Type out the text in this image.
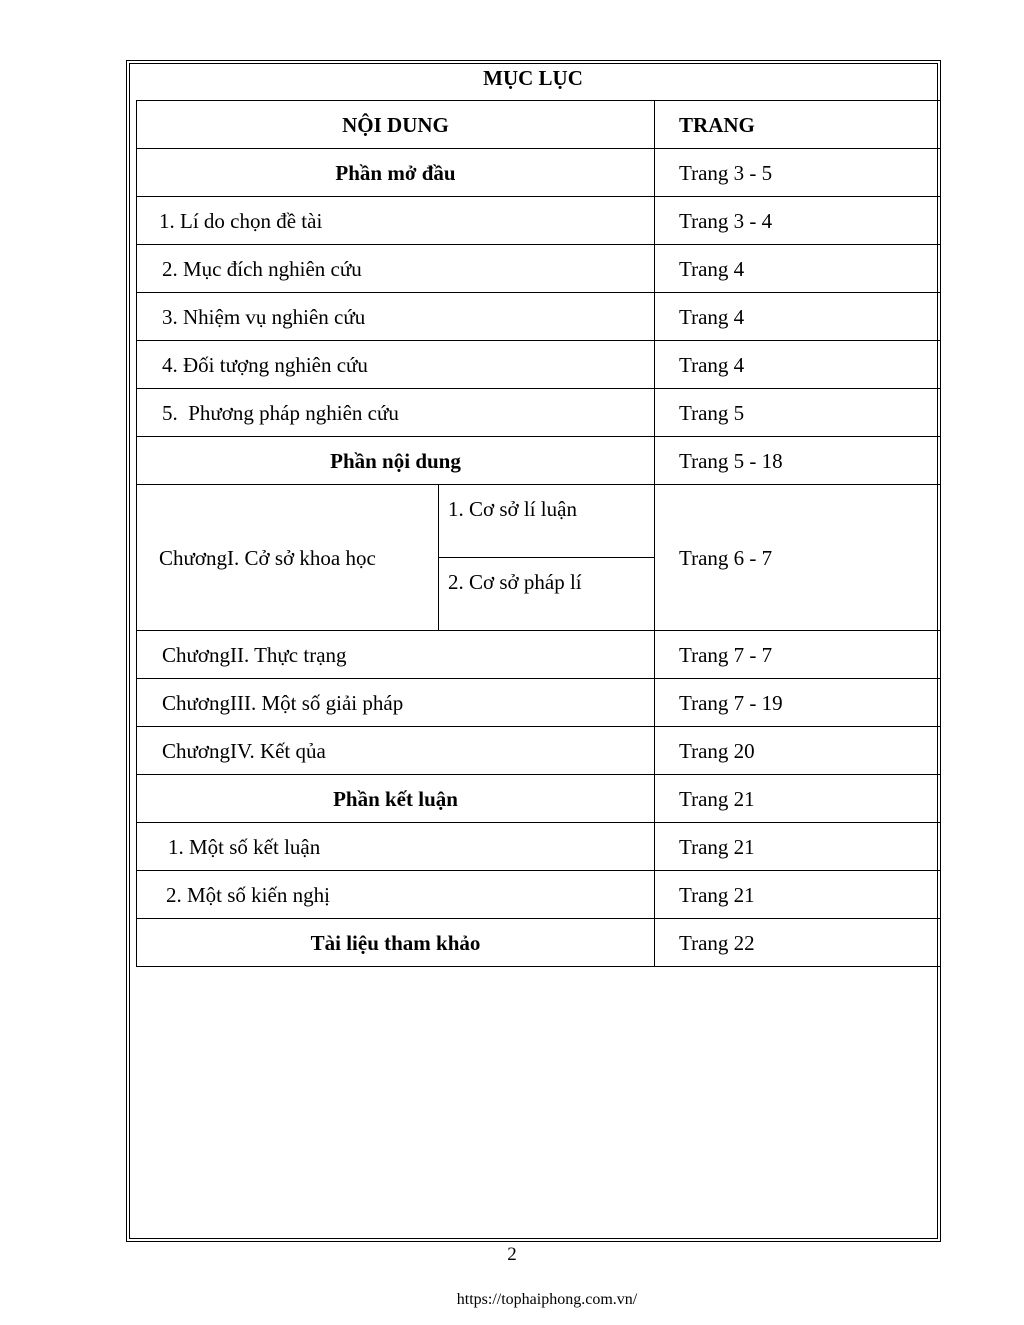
MỤC LỤC
NỘI DUNG		TRANG
Phần mở đầu		Trang 3 - 5
1. Lí do chọn đề tài		Trang 3 - 4
2. Mục đích nghiên cứu		Trang 4
3. Nhiệm vụ nghiên cứu		Trang 4
4. Đối tượng nghiên cứu		Trang 4
5.  Phương pháp nghiên cứu		Trang 5
Phần nội dung		Trang 5 - 18
ChươngI. Cở sở khoa học	1. Cơ sở lí luận	Trang 6 - 7

	2. Cơ sở pháp lí	

ChươngII. Thực trạng		Trang 7 - 7
ChươngIII. Một số giải pháp		Trang 7 - 19
ChươngIV. Kết qủa		Trang 20
Phần kết luận		Trang 21
1. Một số kết luận		Trang 21
2. Một số kiến nghị		Trang 21
Tài liệu tham khảo		Trang 22
2
https://tophaiphong.com.vn/
